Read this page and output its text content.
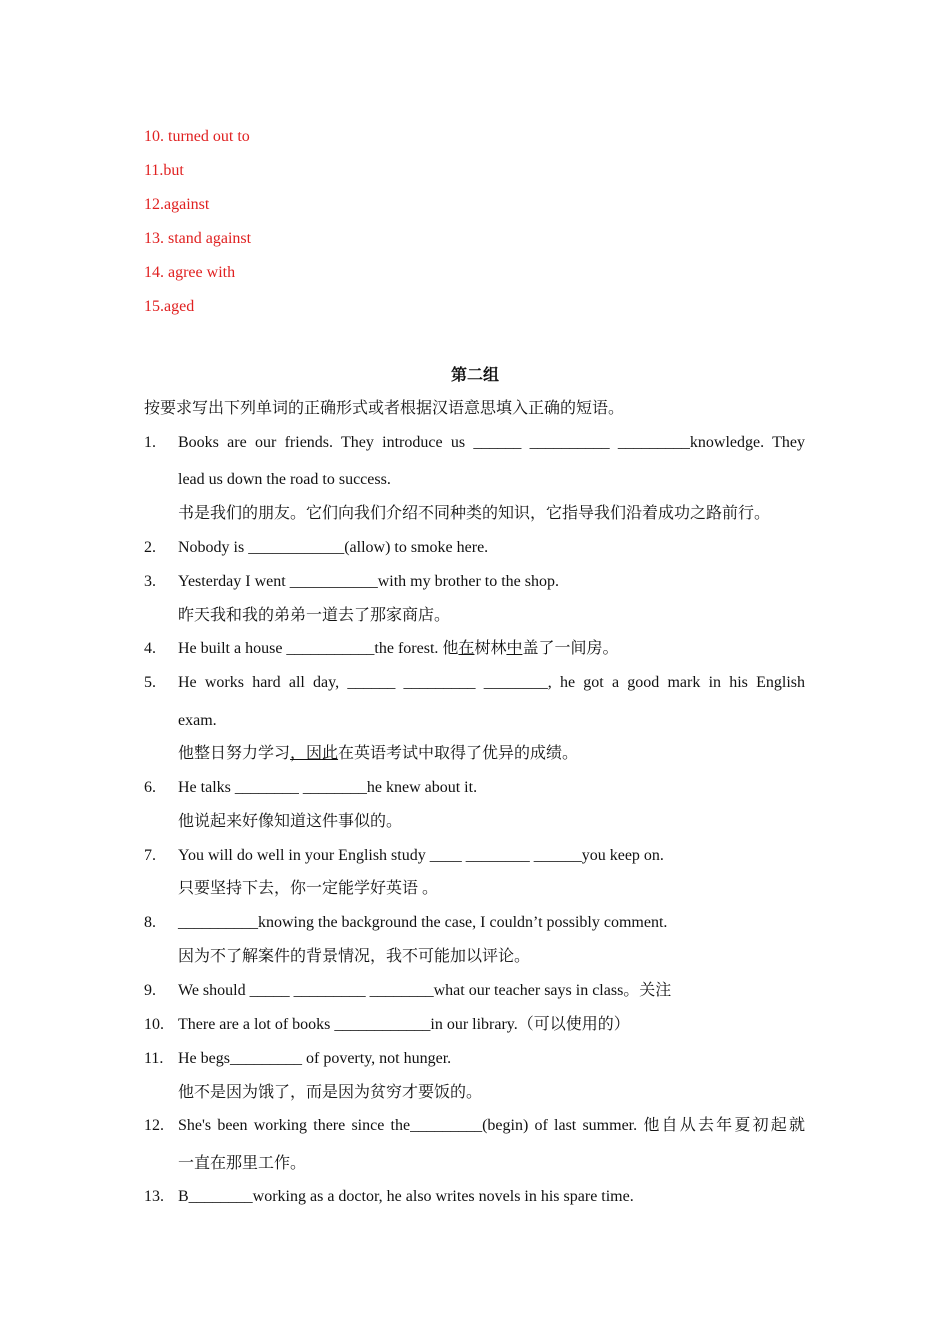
10. turned out to
11.but
12.against
13. stand against
14. agree with
15.aged
第二组
按要求写出下列单词的正确形式或者根据汉语意思填入正确的短语。
1. Books are our friends. They introduce us ______ __________ _________knowledge. They
lead us down the road to success.
书是我们的朋友。它们向我们介绍不同种类的知识，它指导我们沿着成功之路前行。
2. Nobody is ____________(allow) to smoke here.
3. Yesterday I went ___________with my brother to the shop.
昨天我和我的弟弟一道去了那家商店。
4. He built a house ___________the forest. 他在树林中盖了一间房。
5. He works hard all day, ______ _________ ________, he got a good mark in his English
exam.
他整日努力学习，因此在英语考试中取得了优异的成绩。
6. He talks ________ ________he knew about it.
他说起来好像知道这件事似的。
7. You will do well in your English study ____ ________ ______you keep on.
只要坚持下去，你一定能学好英语 。
8. __________knowing the background the case, I couldn’t possibly comment.
因为不了解案件的背景情况，我不可能加以评论。
9. We should _____ _________ ________what our teacher says in class。关注
10. There are a lot of books ____________in our library.（可以使用的）
11. He begs_________ of poverty, not hunger.
他不是因为饿了，而是因为贫穷才要饭的。
12. She's been working there since the_________(begin) of last summer. 他自从去年夏初起就
一直在那里工作。
13. B________working as a doctor, he also writes novels in his spare time.
